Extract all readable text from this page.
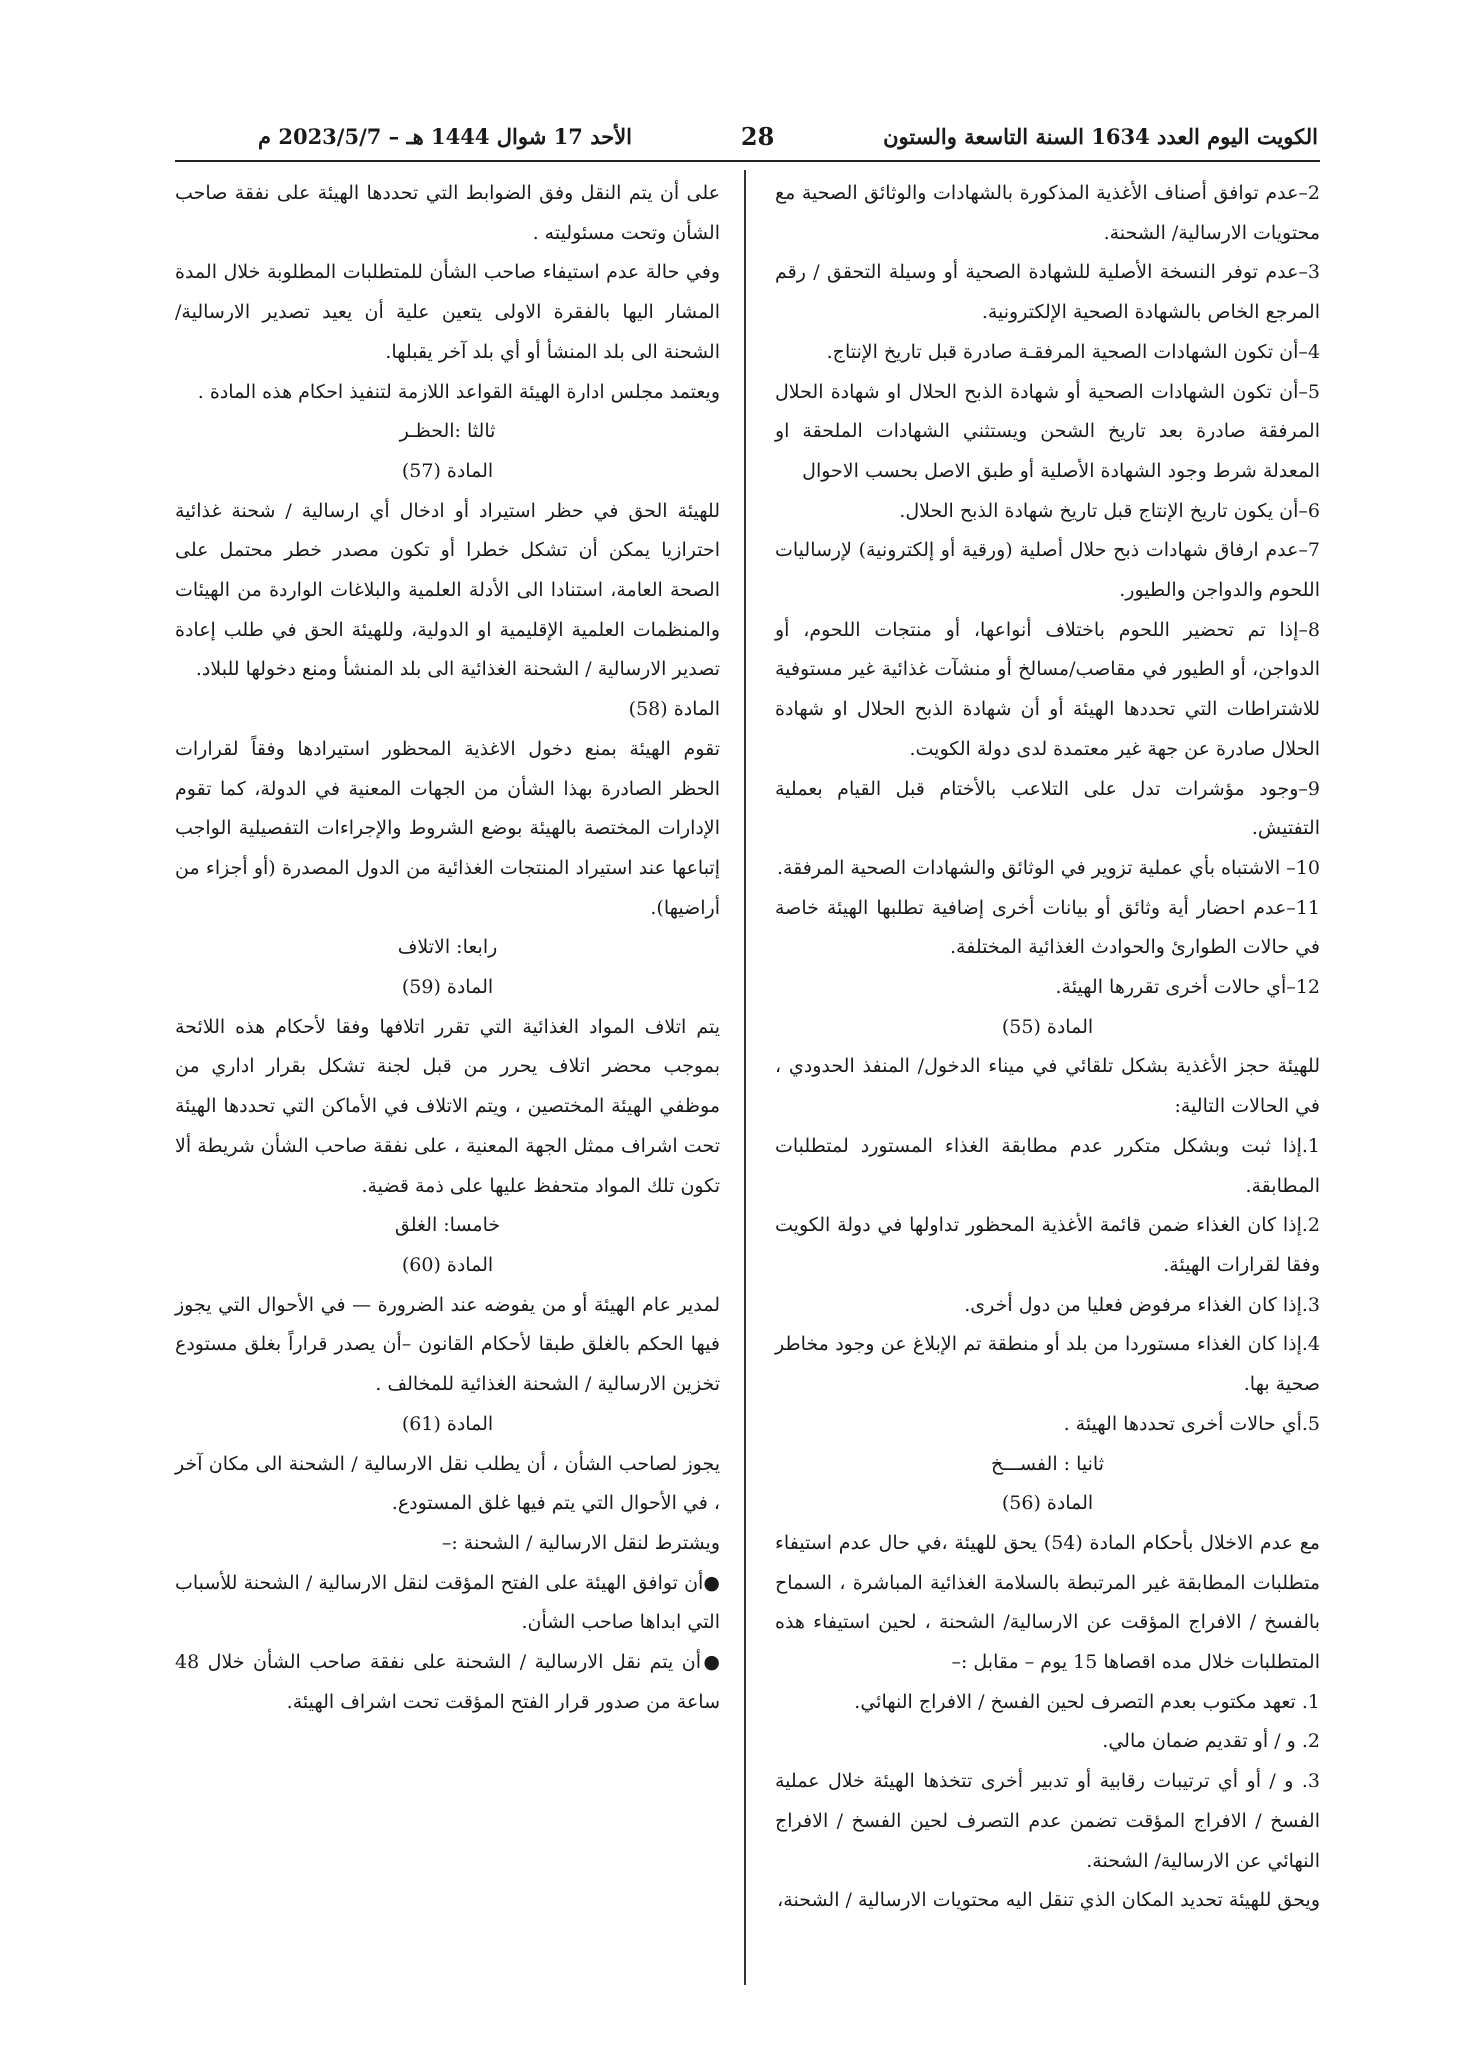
الكويت اليوم العدد 1634 السنة التاسعة والستون
28
الأحد 17 شوال 1444 هـ – 2023/5/7 م

2–عدم توافق أصناف الأغذية المذكورة بالشهادات والوثائق الصحية مع محتويات الارسالية/ الشحنة.

3–عدم توفر النسخة الأصلية للشهادة الصحية أو وسيلة التحقق / رقم المرجع الخاص بالشهادة الصحية الإلكترونية.

4–أن تكون الشهادات الصحية المرفقـة صادرة قبل تاريخ الإنتاج.

5–أن تكون الشهادات الصحية أو شهادة الذبح الحلال او شهادة الحلال المرفقة صادرة بعد تاريخ الشحن ويستثني الشهادات الملحقة او المعدلة شرط وجود الشهادة الأصلية أو طبق الاصل بحسب الاحوال

6–أن يكون تاريخ الإنتاج قبل تاريخ شهادة الذبح الحلال.

7–عدم ارفاق شهادات ذبح حلال أصلية (ورقية أو إلكترونية) لإرساليات اللحوم والدواجن والطيور.

8–إذا تم تحضير اللحوم باختلاف أنواعها، أو منتجات اللحوم، أو الدواجن، أو الطيور في مقاصب/مسالخ أو منشآت غذائية غير مستوفية للاشتراطات التي تحددها الهيئة أو أن شهادة الذبح الحلال او شهادة الحلال صادرة عن جهة غير معتمدة لدى دولة الكويت.

9–وجود مؤشرات تدل على التلاعب بالأختام قبل القيام بعملية التفتيش.

10– الاشتباه بأي عملية تزوير في الوثائق والشهادات الصحية المرفقة.

11–عدم احضار أية وثائق أو بيانات أخرى إضافية تطلبها الهيئة خاصة في حالات الطوارئ والحوادث الغذائية المختلفة.

12–أي حالات أخرى تقررها الهيئة.

المادة (55)

للهيئة حجز الأغذية بشكل تلقائي في ميناء الدخول/ المنفذ الحدودي ، في الحالات التالية:

1.إذا ثبت وبشكل متكرر عدم مطابقة الغذاء المستورد لمتطلبات المطابقة.

2.إذا كان الغذاء ضمن قائمة الأغذية المحظور تداولها في دولة الكويت وفقا لقرارات الهيئة.

3.إذا كان الغذاء مرفوض فعليا من دول أخرى.

4.إذا كان الغذاء مستوردا من بلد أو منطقة تم الإبلاغ عن وجود مخاطر صحية بها.

5.أي حالات أخرى تحددها الهيئة .

ثانيا : الفســـخ

المادة (56)

مع عدم الاخلال بأحكام المادة (54) يحق للهيئة ،في حال عدم استيفاء متطلبات المطابقة غير المرتبطة بالسلامة الغذائية المباشرة ، السماح بالفسخ / الافراج المؤقت عن الارسالية/ الشحنة ، لحين استيفاء هذه المتطلبات خلال مده اقصاها 15 يوم – مقابل :–

1. تعهد مكتوب بعدم التصرف لحين الفسخ / الافراج النهائي.

2. و / أو تقديم ضمان مالي.

3. و / أو أي ترتيبات رقابية أو تدبير أخرى تتخذها الهيئة خلال عملية الفسخ / الافراج المؤقت تضمن عدم التصرف لحين الفسخ / الافراج النهائي عن الارسالية/ الشحنة.

ويحق للهيئة تحديد المكان الذي تنقل اليه محتويات الارسالية / الشحنة،

على أن يتم النقل وفق الضوابط التي تحددها الهيئة على نفقة صاحب الشأن وتحت مسئوليته .

وفي حالة عدم استيفاء صاحب الشأن للمتطلبات المطلوبة خلال المدة المشار اليها بالفقرة الاولى يتعين علية أن يعيد تصدير الارسالية/ الشحنة الى بلد المنشأ أو أي بلد آخر يقبلها.

ويعتمد مجلس ادارة الهيئة القواعد اللازمة لتنفيذ احكام هذه المادة .

ثالثا :الحظـر

المادة (57)

للهيئة الحق في حظر استيراد أو ادخال أي ارسالية / شحنة غذائية احترازيا يمكن أن تشكل خطرا أو تكون مصدر خطر محتمل على الصحة العامة، استنادا الى الأدلة العلمية والبلاغات الواردة من الهيئات والمنظمات العلمية الإقليمية او الدولية، وللهيئة الحق في طلب إعادة تصدير الارسالية / الشحنة الغذائية الى بلد المنشأ ومنع دخولها للبلاد.

المادة (58)

تقوم الهيئة بمنع دخول الاغذية المحظور استيرادها وفقاً لقرارات الحظر الصادرة بهذا الشأن من الجهات المعنية في الدولة، كما تقوم الإدارات المختصة بالهيئة بوضع الشروط والإجراءات التفصيلية الواجب إتباعها عند استيراد المنتجات الغذائية من الدول المصدرة (أو أجزاء من أراضيها).

رابعا: الاتلاف

المادة (59)

يتم اتلاف المواد الغذائية التي تقرر اتلافها وفقا لأحكام هذه اللائحة بموجب محضر اتلاف يحرر من قبل لجنة تشكل بقرار اداري من موظفي الهيئة المختصين ، ويتم الاتلاف في الأماكن التي تحددها الهيئة تحت اشراف ممثل الجهة المعنية ، على نفقة صاحب الشأن شريطة ألا تكون تلك المواد متحفظ عليها على ذمة قضية.

خامسا: الغلق

المادة (60)

لمدير عام الهيئة أو من يفوضه عند الضرورة — في الأحوال التي يجوز فيها الحكم بالغلق طبقا لأحكام القانون –أن يصدر قراراً بغلق مستودع تخزين الارسالية / الشحنة الغذائية للمخالف .

المادة (61)

يجوز لصاحب الشأن ، أن يطلب نقل الارسالية / الشحنة الى مكان آخر ، في الأحوال التي يتم فيها غلق المستودع.

ويشترط لنقل الارسالية / الشحنة :–

●أن توافق الهيئة على الفتح المؤقت لنقل الارسالية / الشحنة للأسباب التي ابداها صاحب الشأن.

●أن يتم نقل الارسالية / الشحنة على نفقة صاحب الشأن خلال 48 ساعة من صدور قرار الفتح المؤقت تحت اشراف الهيئة.
